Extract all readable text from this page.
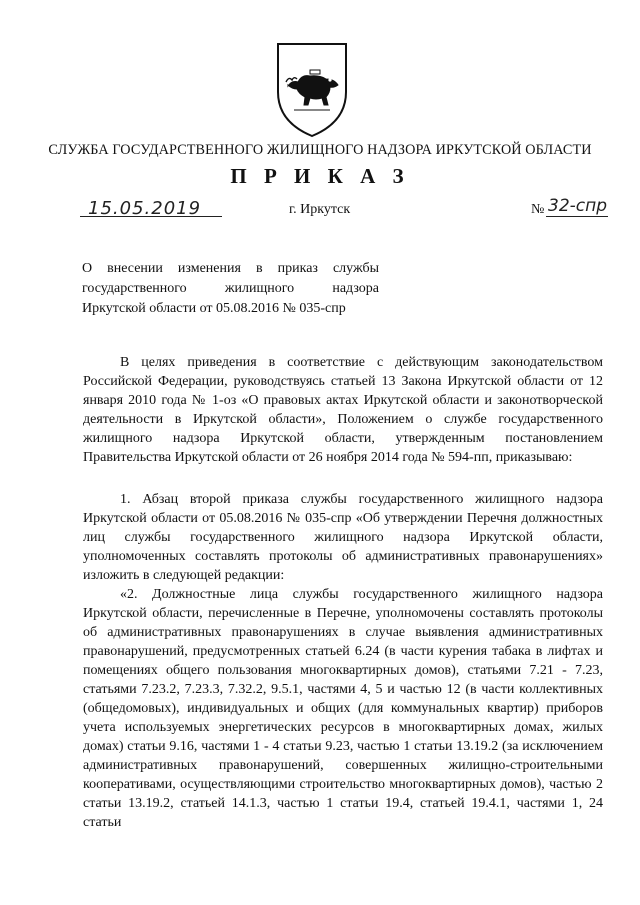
СЛУЖБА ГОСУДАРСТВЕННОГО ЖИЛИЩНОГО НАДЗОРА ИРКУТСКОЙ ОБЛАСТИ
П Р И К А З
15.05.2019	г. Иркутск	№ 32-спр
О внесении изменения в приказ службы государственного жилищного надзора
Иркутской области от 05.08.2016 № 035-спр

В целях приведения в соответствие с действующим законодательством Российской Федерации, руководствуясь статьей 13 Закона Иркутской области от 12 января 2010 года № 1-оз «О правовых актах Иркутской области и законотворческой деятельности в Иркутской области», Положением о службе государственного жилищного надзора Иркутской области, утвержденным постановлением Правительства Иркутской области от 26 ноября 2014 года № 594-пп, приказываю:

1. Абзац второй приказа службы государственного жилищного надзора Иркутской области от 05.08.2016 № 035-спр «Об утверждении Перечня должностных лиц службы государственного жилищного надзора Иркутской области, уполномоченных составлять протоколы об административных правонарушениях» изложить в следующей редакции:

«2. Должностные лица службы государственного жилищного надзора Иркутской области, перечисленные в Перечне, уполномочены составлять протоколы об административных правонарушениях в случае выявления административных правонарушений, предусмотренных статьей 6.24 (в части курения табака в лифтах и помещениях общего пользования многоквартирных домов), статьями 7.21 - 7.23, статьями 7.23.2, 7.23.3, 7.32.2, 9.5.1, частями 4, 5 и частью 12 (в части коллективных (общедомовых), индивидуальных и общих (для коммунальных квартир) приборов учета используемых энергетических ресурсов в многоквартирных домах, жилых домах) статьи 9.16, частями 1 - 4 статьи 9.23, частью 1 статьи 13.19.2 (за исключением административных правонарушений, совершенных жилищно-строительными кооперативами, осуществляющими строительство многоквартирных домов), частью 2 статьи 13.19.2, статьей 14.1.3, частью 1 статьи 19.4, статьей 19.4.1, частями 1, 24 статьи
